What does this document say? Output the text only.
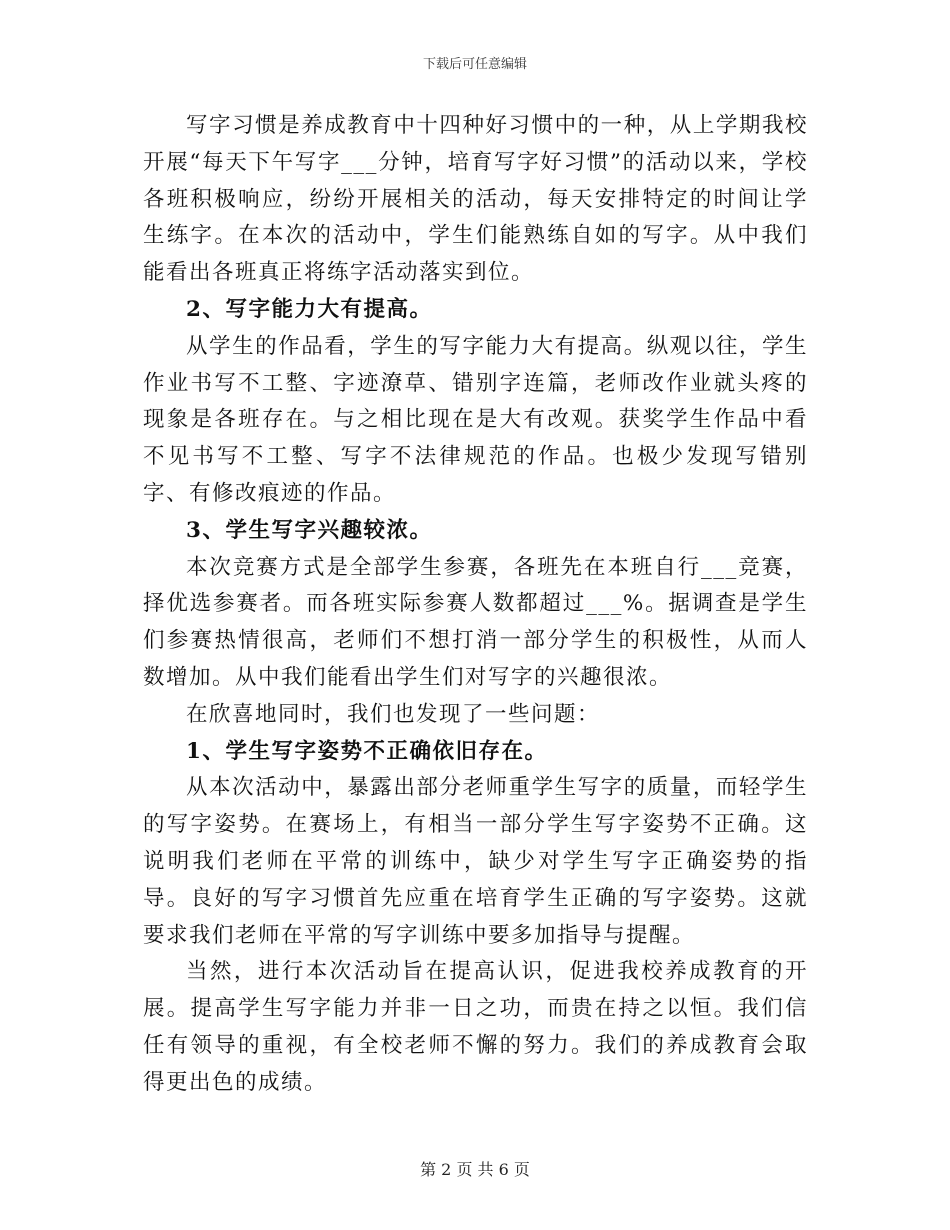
下载后可任意编辑

写字习惯是养成教育中十四种好习惯中的一种，从上学期我校开展“每天下午写字___分钟，培育写字好习惯”的活动以来，学校各班积极响应，纷纷开展相关的活动，每天安排特定的时间让学生练字。在本次的活动中，学生们能熟练自如的写字。从中我们能看出各班真正将练字活动落实到位。

2、写字能力大有提高。

从学生的作品看，学生的写字能力大有提高。纵观以往，学生作业书写不工整、字迹潦草、错别字连篇，老师改作业就头疼的现象是各班存在。与之相比现在是大有改观。获奖学生作品中看不见书写不工整、写字不法律规范的作品。也极少发现写错别字、有修改痕迹的作品。

3、学生写字兴趣较浓。

本次竞赛方式是全部学生参赛，各班先在本班自行___竞赛，择优选参赛者。而各班实际参赛人数都超过___%。据调查是学生们参赛热情很高，老师们不想打消一部分学生的积极性，从而人数增加。从中我们能看出学生们对写字的兴趣很浓。

在欣喜地同时，我们也发现了一些问题：

1、学生写字姿势不正确依旧存在。

从本次活动中，暴露出部分老师重学生写字的质量，而轻学生的写字姿势。在赛场上，有相当一部分学生写字姿势不正确。这说明我们老师在平常的训练中，缺少对学生写字正确姿势的指导。良好的写字习惯首先应重在培育学生正确的写字姿势。这就要求我们老师在平常的写字训练中要多加指导与提醒。

当然，进行本次活动旨在提高认识，促进我校养成教育的开展。提高学生写字能力并非一日之功，而贵在持之以恒。我们信任有领导的重视，有全校老师不懈的努力。我们的养成教育会取得更出色的成绩。

第 2 页 共 6 页
